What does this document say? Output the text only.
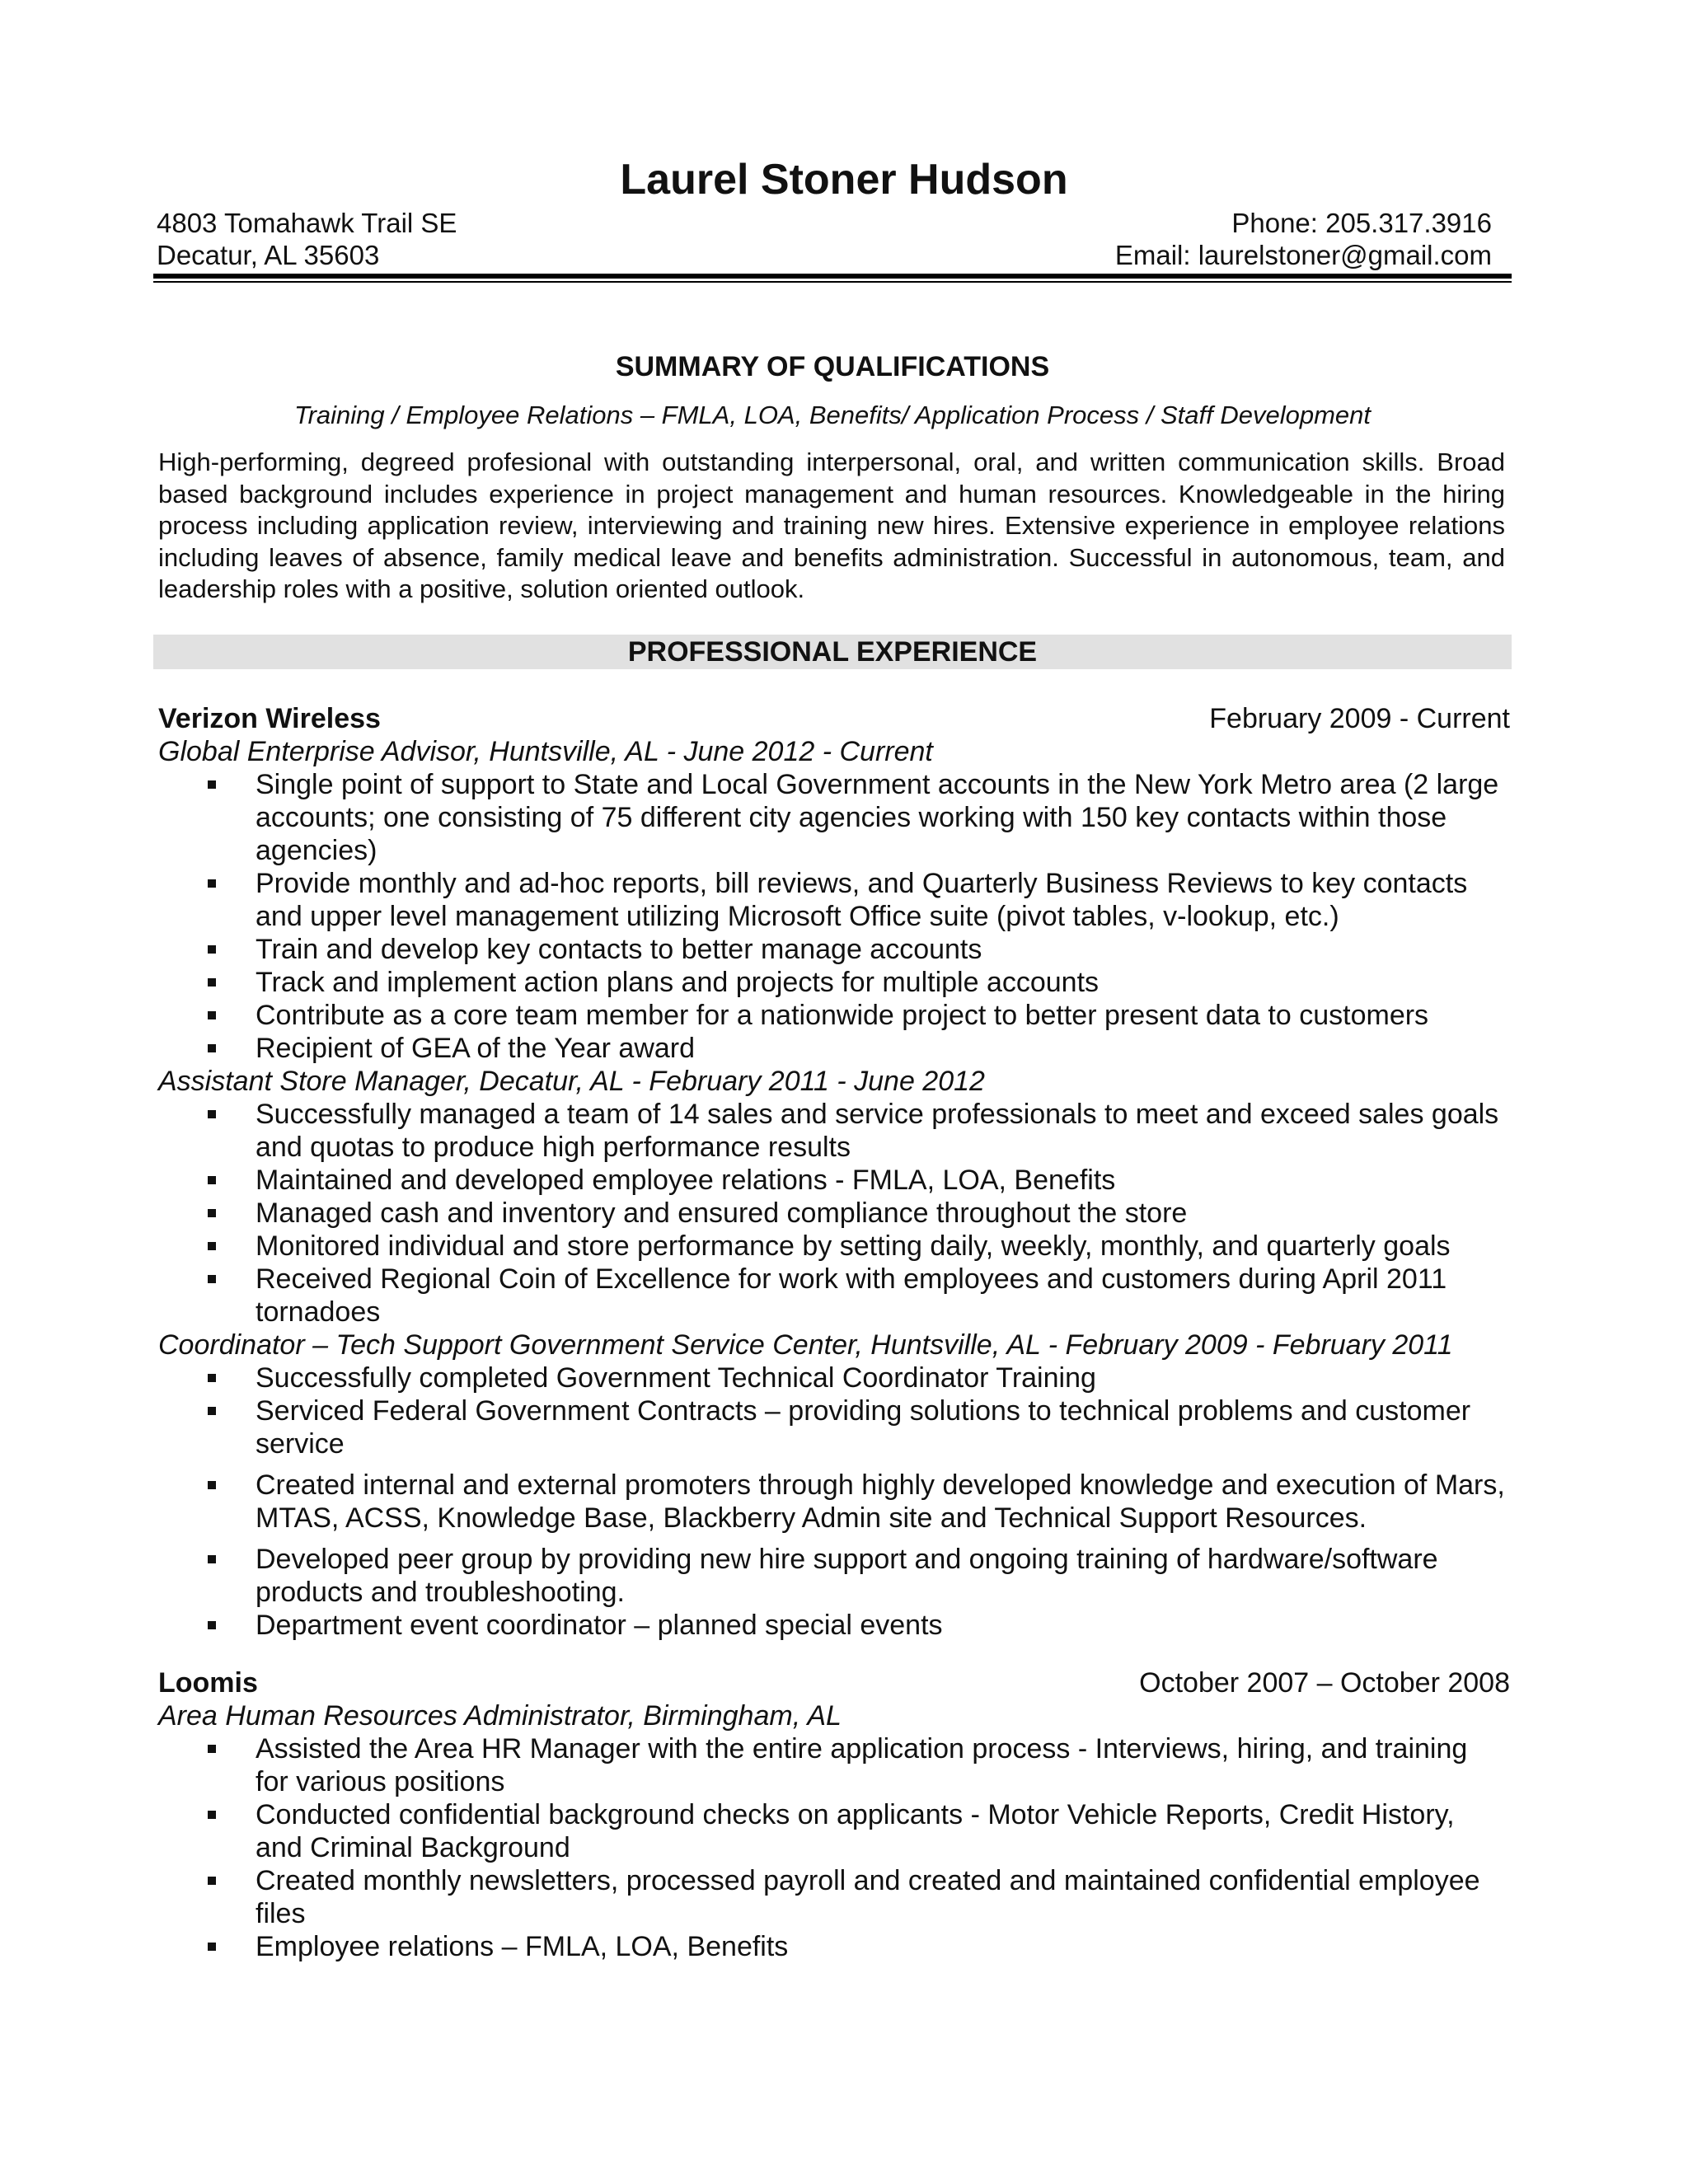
Laurel Stoner Hudson
4803 Tomahawk Trail SE	Phone: 205.317.3916
Decatur, AL 35603	Email: laurelstoner@gmail.com
SUMMARY OF QUALIFICATIONS
Training / Employee Relations – FMLA, LOA, Benefits/ Application Process / Staff Development

High-performing, degreed profesional with outstanding interpersonal, oral, and written communication skills. Broad based background includes experience in project management and human resources. Knowledgeable in the hiring process including application review, interviewing and training new hires. Extensive experience in employee relations including leaves of absence, family medical leave and benefits administration. Successful in autonomous, team, and leadership roles with a positive, solution oriented outlook.

PROFESSIONAL EXPERIENCE
Verizon Wireless	February 2009 - Current
Global Enterprise Advisor, Huntsville, AL - June 2012 - Current
Single point of support to State and Local Government accounts in the New York Metro area (2 large accounts; one consisting of 75 different city agencies working with 150 key contacts within those agencies)
Provide monthly and ad-hoc reports, bill reviews, and Quarterly Business Reviews to key contacts and upper level management utilizing Microsoft Office suite (pivot tables, v-lookup, etc.)
Train and develop key contacts to better manage accounts
Track and implement action plans and projects for multiple accounts
Contribute as a core team member for a nationwide project to better present data to customers
Recipient of GEA of the Year award
Assistant Store Manager, Decatur, AL - February 2011 - June 2012
Successfully managed a team of 14 sales and service professionals to meet and exceed sales goals and quotas to produce high performance results
Maintained and developed employee relations - FMLA, LOA, Benefits
Managed cash and inventory and ensured compliance throughout the store
Monitored individual and store performance by setting daily, weekly, monthly, and quarterly goals
Received Regional Coin of Excellence for work with employees and customers during April 2011 tornadoes
Coordinator – Tech Support Government Service Center, Huntsville, AL - February 2009 - February 2011
Successfully completed Government Technical Coordinator Training
Serviced Federal Government Contracts – providing solutions to technical problems and customer service
Created internal and external promoters through highly developed knowledge and execution of Mars, MTAS, ACSS, Knowledge Base, Blackberry Admin site and Technical Support Resources.
Developed peer group by providing new hire support and ongoing training of hardware/software products and troubleshooting.
Department event coordinator – planned special events
Loomis	October 2007 – October 2008
Area Human Resources Administrator, Birmingham, AL
Assisted the Area HR Manager with the entire application process - Interviews, hiring, and training for various positions
Conducted confidential background checks on applicants - Motor Vehicle Reports, Credit History, and Criminal Background
Created monthly newsletters, processed payroll and created and maintained confidential employee files
Employee relations – FMLA, LOA, Benefits
